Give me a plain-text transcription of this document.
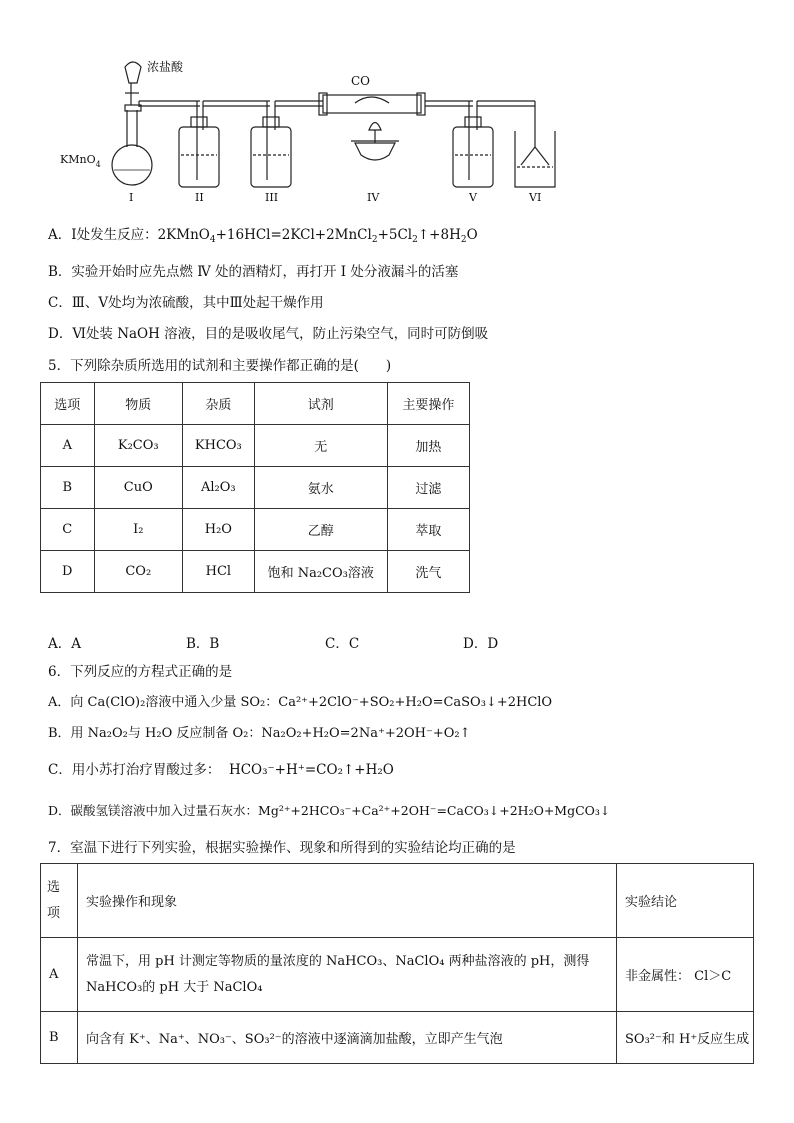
浓盐酸
CO
KMnO$_4$
I	II	III	IV	V	VI
A．Ⅰ处发生反应：$2KMnO_4+16HCl=2KCl+2MnCl_2+5Cl_2↑+8H_2O$
B．实验开始时应先点燃 Ⅳ 处的酒精灯，再打开 Ⅰ 处分液漏斗的活塞
C．Ⅲ、Ⅴ处均为浓硫酸，其中Ⅲ处起干燥作用
D．Ⅵ处装 NaOH 溶液，目的是吸收尾气，防止污染空气，同时可防倒吸
5．下列除杂质所选用的试剂和主要操作都正确的是(　　)
选项	物质	杂质	试剂	主要操作
A	K₂CO₃	KHCO₃	无	加热
B	CuO	Al₂O₃	氨水	过滤
C	I₂	H₂O	乙醇	萃取
D	CO₂	HCl	饱和 Na₂CO₃溶液	洗气
A．A	B．B	C．C	D．D
6．下列反应的方程式正确的是
A．向 Ca(ClO)₂溶液中通入少量 SO₂：Ca²⁺+2ClO⁻+SO₂+H₂O=CaSO₃↓+2HClO
B．用 Na₂O₂与 H₂O 反应制备 O₂：Na₂O₂+H₂O=2Na⁺+2OH⁻+O₂↑
C．用小苏打治疗胃酸过多： HCO₃⁻+H⁺=CO₂↑+H₂O
D．碳酸氢镁溶液中加入过量石灰水：Mg²⁺+2HCO₃⁻+Ca²⁺+2OH⁻=CaCO₃↓+2H₂O+MgCO₃↓
7．室温下进行下列实验，根据实验操作、现象和所得到的实验结论均正确的是
选项	实验操作和现象	实验结论
A	常温下，用 pH 计测定等物质的量浓度的 NaHCO₃、NaClO₄ 两种盐溶液的 pH，测得
NaHCO₃的 pH 大于 NaClO₄	非金属性： Cl＞C
B	向含有 K⁺、Na⁺、NO₃⁻、SO₃²⁻的溶液中逐滴滴加盐酸，立即产生气泡	SO₃²⁻和 H⁺反应生成
